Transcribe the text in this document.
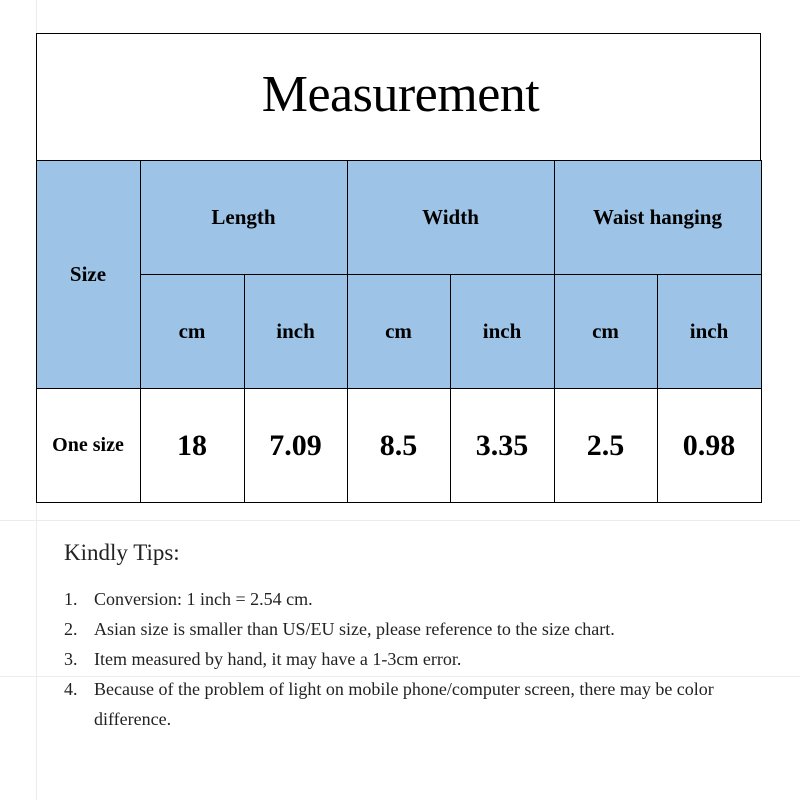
Measurement
Size	Length		Width		Waist hanging	
	cm	inch	cm	inch	cm	inch
One size	18	7.09	8.5	3.35	2.5	0.98
Kindly Tips:
1. Conversion: 1 inch = 2.54 cm.
2. Asian size is smaller than US/EU size, please reference to the size chart.
3. Item measured by hand, it may have a 1-3cm error.
4. Because of the problem of light on mobile phone/computer screen, there may be color difference.
